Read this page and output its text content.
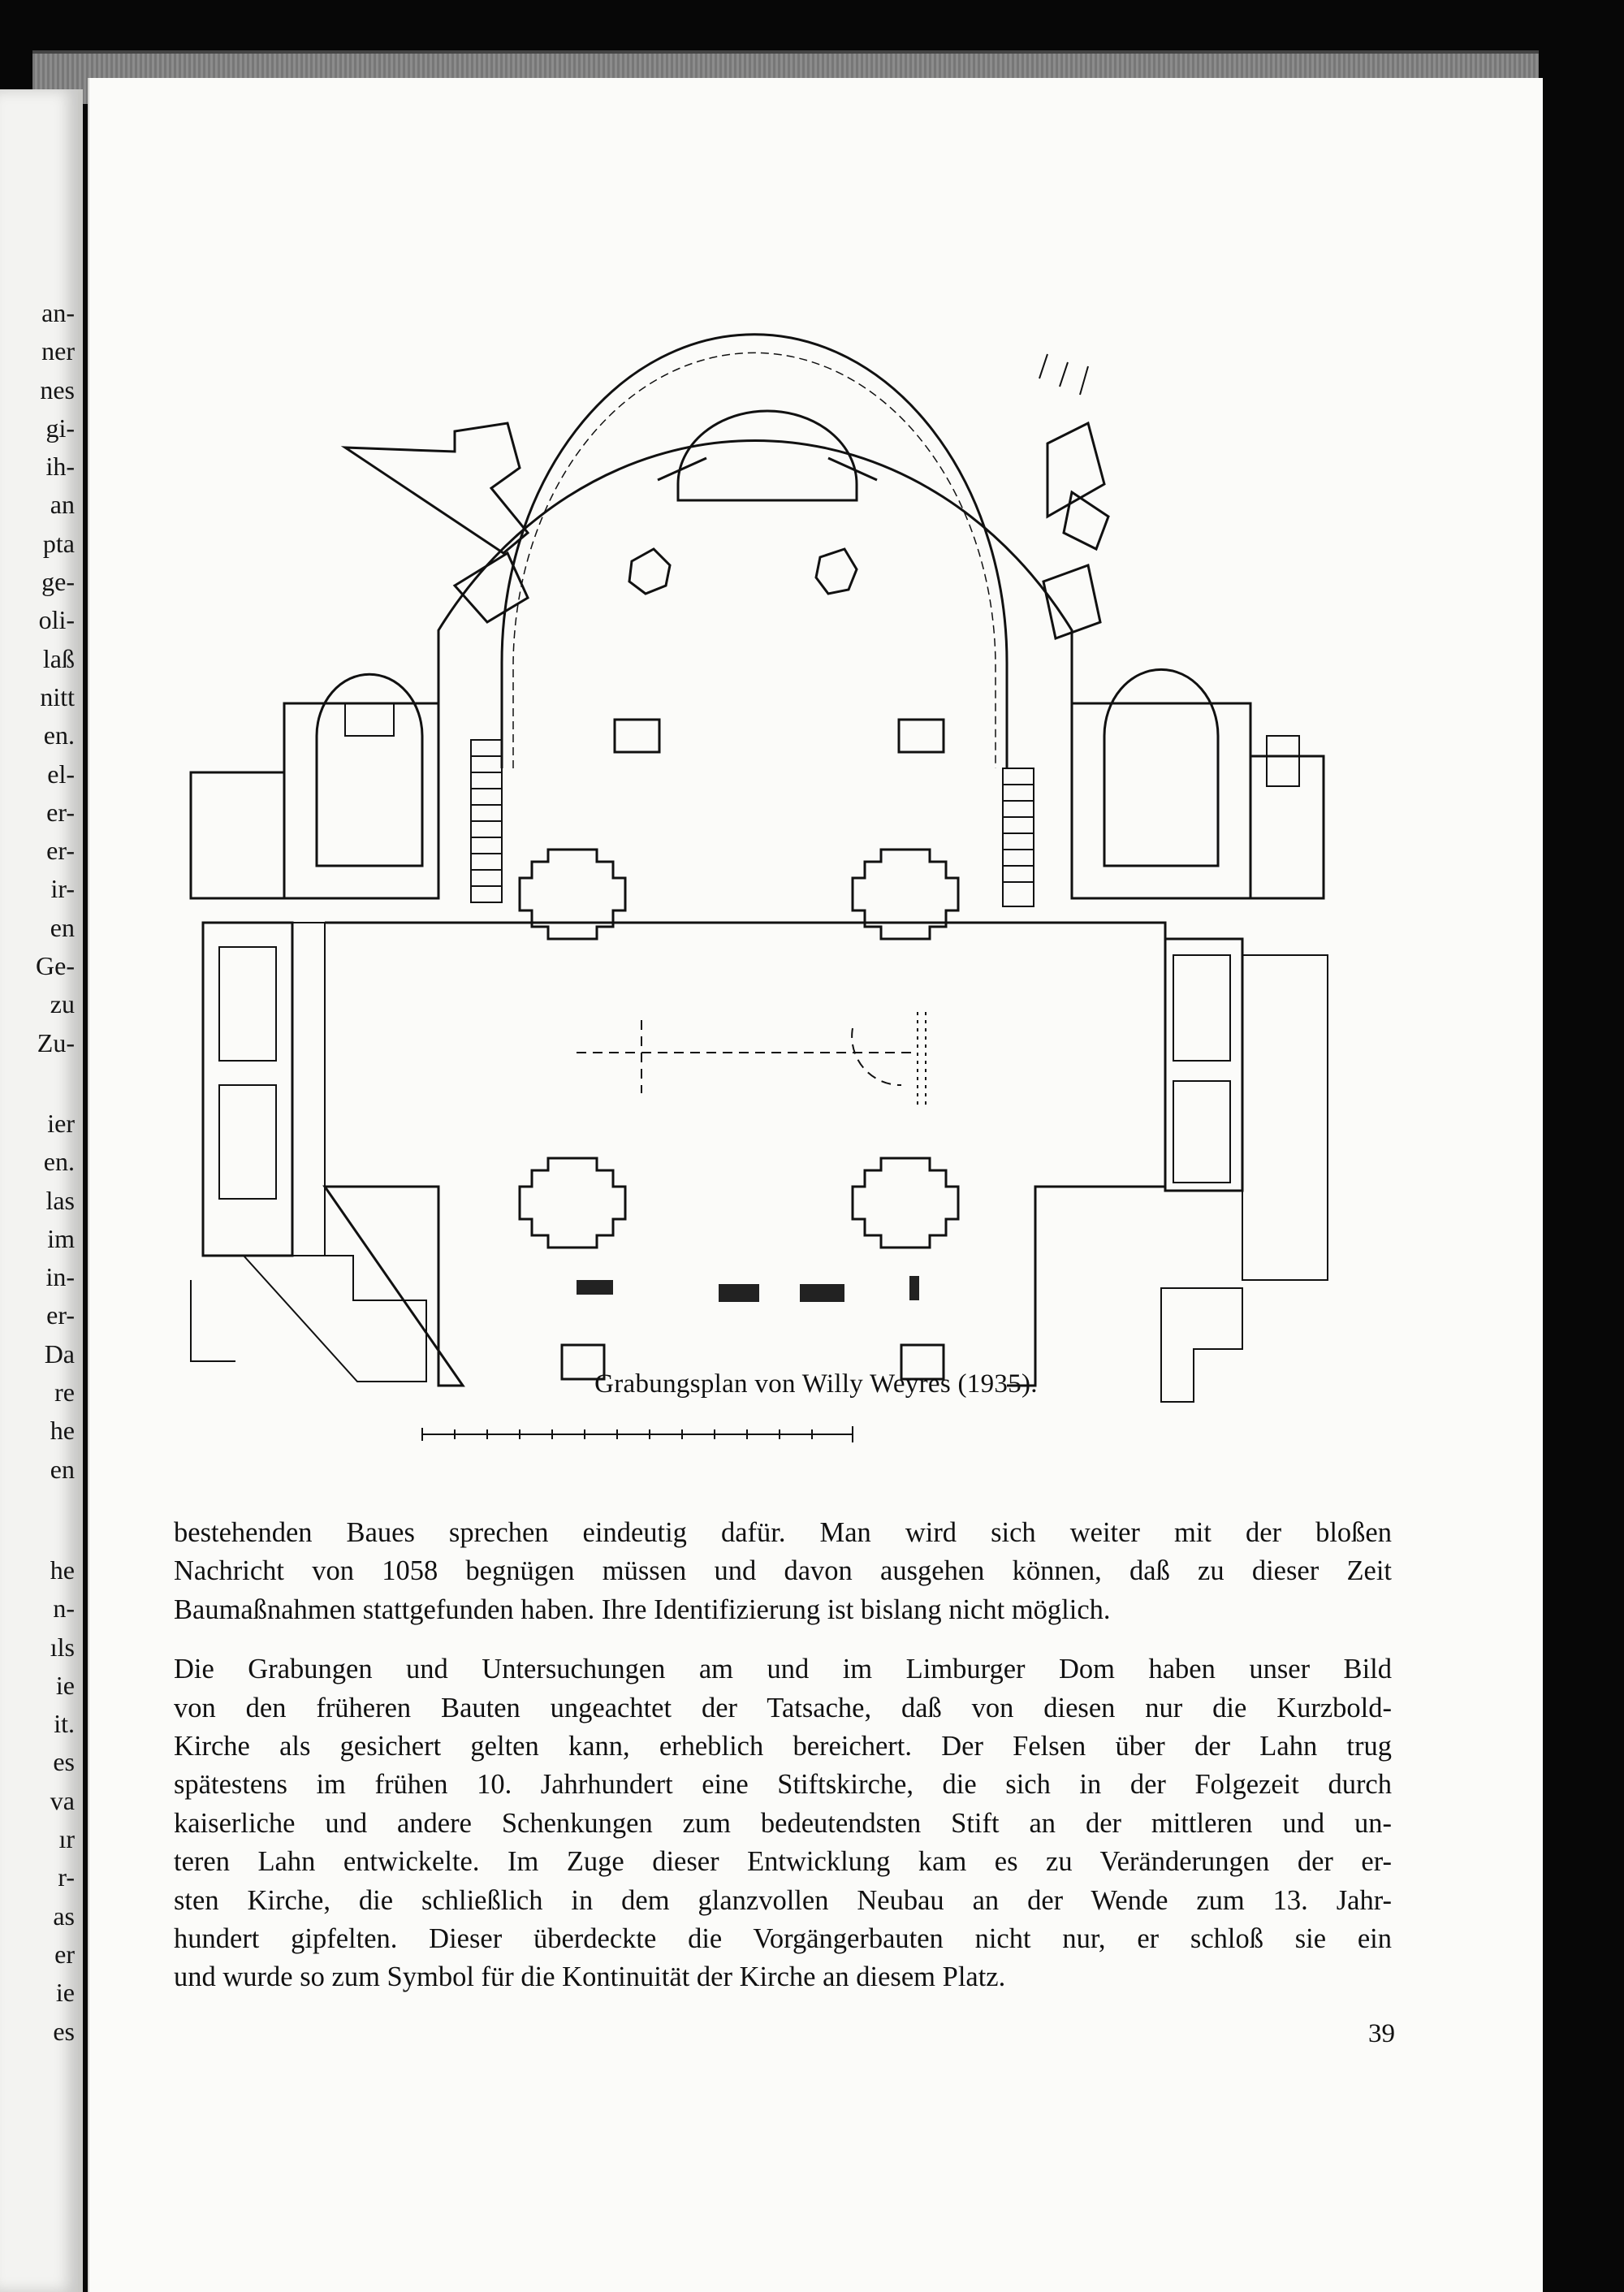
an-
ner
nes
gi-
ih-
an
pta
ge-
oli-
laß
nitt
en.
el-
er-
er-
ir-
en
Ge-
zu
Zu-
ier
en.
las
im
in-
er-
Da
re
he
en
he
n-
ıls
ie
it.
es
va
ır
r-
as
er
ie
es
Grabungsplan von Willy Weyres (1935).

bestehenden Baues sprechen eindeutig dafür. Man wird sich weiter mit der bloßen
Nachricht von 1058 begnügen müssen und davon ausgehen können, daß zu dieser Zeit
Baumaßnahmen stattgefunden haben. Ihre Identifizierung ist bislang nicht möglich.

Die Grabungen und Untersuchungen am und im Limburger Dom haben unser Bild
von den früheren Bauten ungeachtet der Tatsache, daß von diesen nur die Kurzbold-
Kirche als gesichert gelten kann, erheblich bereichert. Der Felsen über der Lahn trug
spätestens im frühen 10. Jahrhundert eine Stiftskirche, die sich in der Folgezeit durch
kaiserliche und andere Schenkungen zum bedeutendsten Stift an der mittleren und un-
teren Lahn entwickelte. Im Zuge dieser Entwicklung kam es zu Veränderungen der er-
sten Kirche, die schließlich in dem glanzvollen Neubau an der Wende zum 13. Jahr-
hundert gipfelten. Dieser überdeckte die Vorgängerbauten nicht nur, er schloß sie ein
und wurde so zum Symbol für die Kontinuität der Kirche an diesem Platz.

39
